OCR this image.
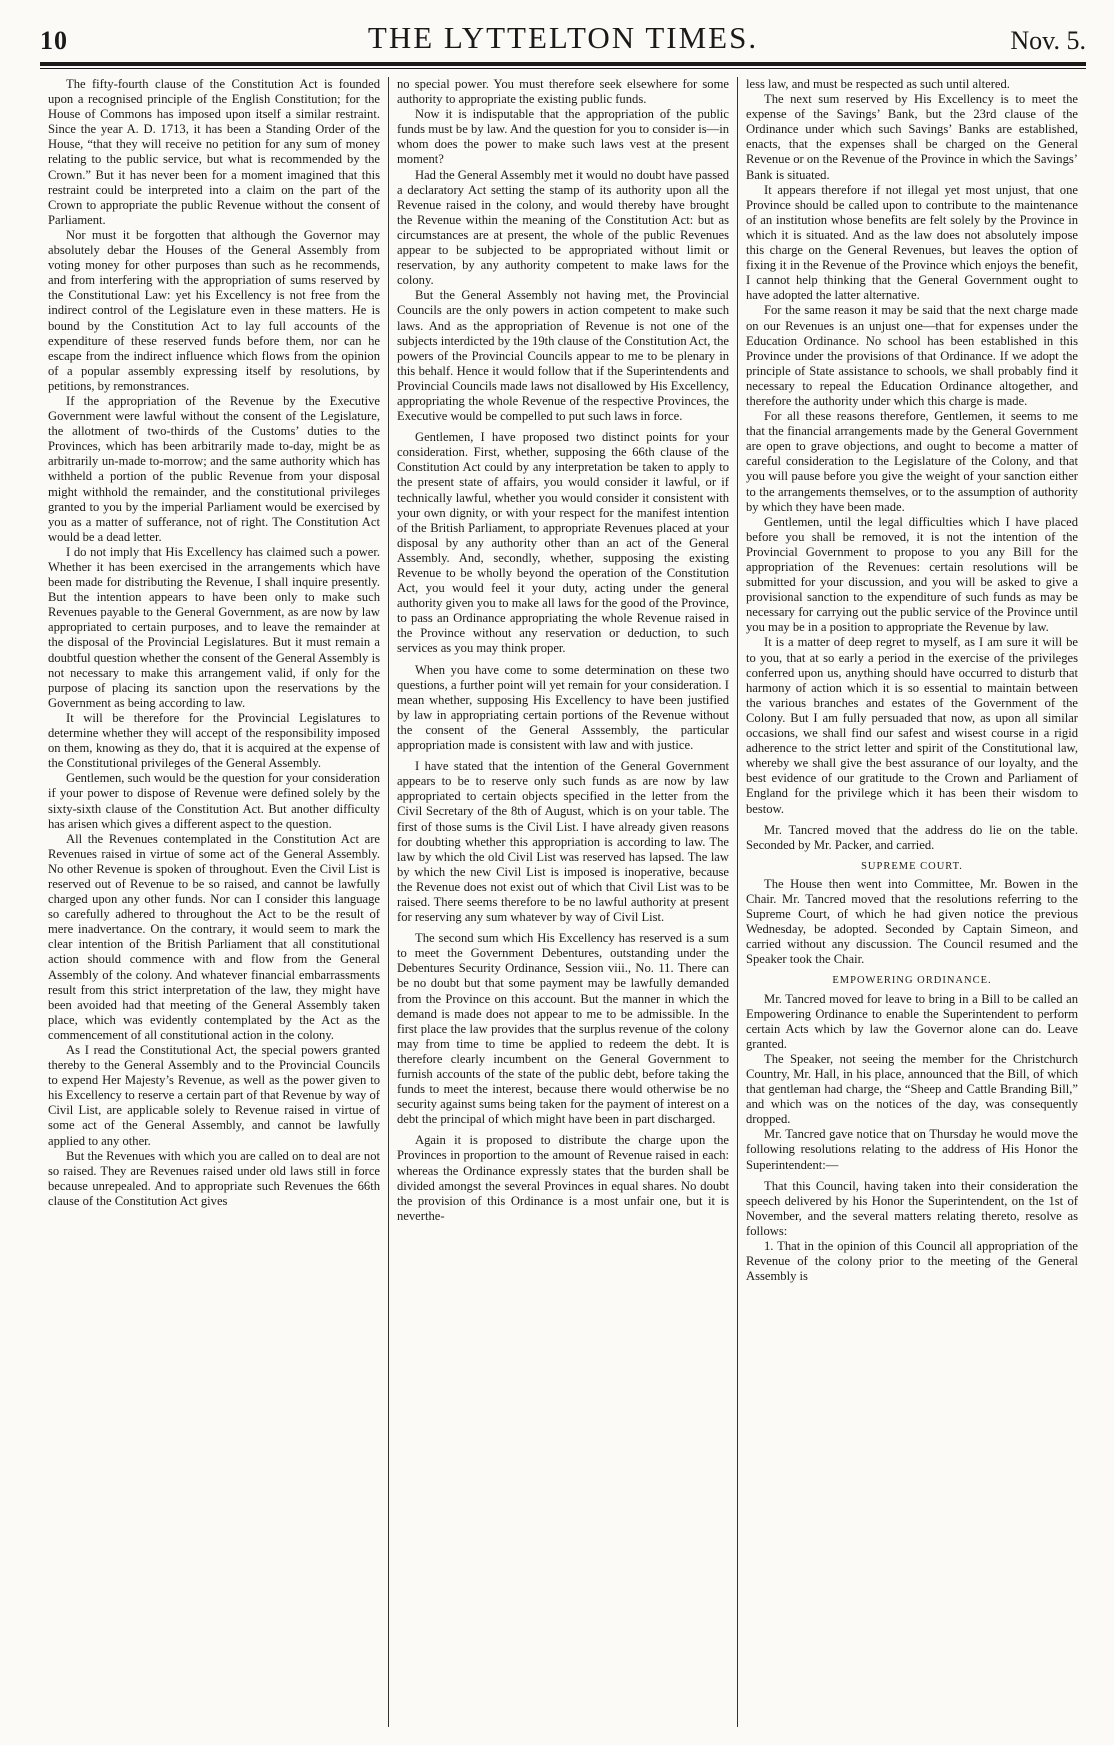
10	THE LYTTELTON TIMES.	Nov. 5.

The fifty-fourth clause of the Constitution Act is founded upon a recognised principle of the English Constitution; for the House of Commons has imposed upon itself a similar restraint. Since the year A. D. 1713, it has been a Standing Order of the House, “that they will receive no petition for any sum of money relating to the public service, but what is recommended by the Crown.” But it has never been for a moment imagined that this restraint could be interpreted into a claim on the part of the Crown to appropriate the public Revenue without the consent of Parliament.

Nor must it be forgotten that although the Governor may absolutely debar the Houses of the General Assembly from voting money for other purposes than such as he recommends, and from interfering with the appropriation of sums reserved by the Constitutional Law: yet his Excellency is not free from the indirect control of the Legislature even in these matters. He is bound by the Constitution Act to lay full accounts of the expenditure of these reserved funds before them, nor can he escape from the indirect influence which flows from the opinion of a popular assembly expressing itself by resolutions, by petitions, by remonstrances.

If the appropriation of the Revenue by the Executive Government were lawful without the consent of the Legislature, the allotment of two-thirds of the Customs’ duties to the Provinces, which has been arbitrarily made to-day, might be as arbitrarily un-made to-morrow; and the same authority which has withheld a portion of the public Revenue from your disposal might withhold the remainder, and the constitutional privileges granted to you by the imperial Parliament would be exercised by you as a matter of sufferance, not of right. The Constitution Act would be a dead letter.

I do not imply that His Excellency has claimed such a power. Whether it has been exercised in the arrangements which have been made for distributing the Revenue, I shall inquire presently. But the intention appears to have been only to make such Revenues payable to the General Government, as are now by law appropriated to certain purposes, and to leave the remainder at the disposal of the Provincial Legislatures. But it must remain a doubtful question whether the consent of the General Assembly is not necessary to make this arrangement valid, if only for the purpose of placing its sanction upon the reservations by the Government as being according to law.

It will be therefore for the Provincial Legislatures to determine whether they will accept of the responsibility imposed on them, knowing as they do, that it is acquired at the expense of the Constitutional privileges of the General Assembly.

Gentlemen, such would be the question for your consideration if your power to dispose of Revenue were defined solely by the sixty-sixth clause of the Constitution Act. But another difficulty has arisen which gives a different aspect to the question.

All the Revenues contemplated in the Constitution Act are Revenues raised in virtue of some act of the General Assembly. No other Revenue is spoken of throughout. Even the Civil List is reserved out of Revenue to be so raised, and cannot be lawfully charged upon any other funds. Nor can I consider this language so carefully adhered to throughout the Act to be the result of mere inadvertance. On the contrary, it would seem to mark the clear intention of the British Parliament that all constitutional action should commence with and flow from the General Assembly of the colony. And whatever financial embarrassments result from this strict interpretation of the law, they might have been avoided had that meeting of the General Assembly taken place, which was evidently contemplated by the Act as the commencement of all constitutional action in the colony.

As I read the Constitutional Act, the special powers granted thereby to the General Assembly and to the Provincial Councils to expend Her Majesty’s Revenue, as well as the power given to his Excellency to reserve a certain part of that Revenue by way of Civil List, are applicable solely to Revenue raised in virtue of some act of the General Assembly, and cannot be lawfully applied to any other.

But the Revenues with which you are called on to deal are not so raised. They are Revenues raised under old laws still in force because unrepealed. And to appropriate such Revenues the 66th clause of the Constitution Act gives

no special power. You must therefore seek elsewhere for some authority to appropriate the existing public funds.

Now it is indisputable that the appropriation of the public funds must be by law. And the question for you to consider is—in whom does the power to make such laws vest at the present moment?

Had the General Assembly met it would no doubt have passed a declaratory Act setting the stamp of its authority upon all the Revenue raised in the colony, and would thereby have brought the Revenue within the meaning of the Constitution Act: but as circumstances are at present, the whole of the public Revenues appear to be subjected to be appropriated without limit or reservation, by any authority competent to make laws for the colony.

But the General Assembly not having met, the Provincial Councils are the only powers in action competent to make such laws. And as the appropriation of Revenue is not one of the subjects interdicted by the 19th clause of the Constitution Act, the powers of the Provincial Councils appear to me to be plenary in this behalf. Hence it would follow that if the Superintendents and Provincial Councils made laws not disallowed by His Excellency, appropriating the whole Revenue of the respective Provinces, the Executive would be compelled to put such laws in force.

Gentlemen, I have proposed two distinct points for your consideration. First, whether, supposing the 66th clause of the Constitution Act could by any interpretation be taken to apply to the present state of affairs, you would consider it lawful, or if technically lawful, whether you would consider it consistent with your own dignity, or with your respect for the manifest intention of the British Parliament, to appropriate Revenues placed at your disposal by any authority other than an act of the General Assembly. And, secondly, whether, supposing the existing Revenue to be wholly beyond the operation of the Constitution Act, you would feel it your duty, acting under the general authority given you to make all laws for the good of the Province, to pass an Ordinance appropriating the whole Revenue raised in the Province without any reservation or deduction, to such services as you may think proper.

When you have come to some determination on these two questions, a further point will yet remain for your consideration. I mean whether, supposing His Excellency to have been justified by law in appropriating certain portions of the Revenue without the consent of the General Asssembly, the particular appropriation made is consistent with law and with justice.

I have stated that the intention of the General Government appears to be to reserve only such funds as are now by law appropriated to certain objects specified in the letter from the Civil Secretary of the 8th of August, which is on your table. The first of those sums is the Civil List. I have already given reasons for doubting whether this appropriation is according to law. The law by which the old Civil List was reserved has lapsed. The law by which the new Civil List is imposed is inoperative, because the Revenue does not exist out of which that Civil List was to be raised. There seems therefore to be no lawful authority at present for reserving any sum whatever by way of Civil List.

The second sum which His Excellency has reserved is a sum to meet the Government Debentures, outstanding under the Debentures Security Ordinance, Session viii., No. 11. There can be no doubt but that some payment may be lawfully demanded from the Province on this account. But the manner in which the demand is made does not appear to me to be admissible. In the first place the law provides that the surplus revenue of the colony may from time to time be applied to redeem the debt. It is therefore clearly incumbent on the General Government to furnish accounts of the state of the public debt, before taking the funds to meet the interest, because there would otherwise be no security against sums being taken for the payment of interest on a debt the principal of which might have been in part discharged.

Again it is proposed to distribute the charge upon the Provinces in proportion to the amount of Revenue raised in each: whereas the Ordinance expressly states that the burden shall be divided amongst the several Provinces in equal shares. No doubt the provision of this Ordinance is a most unfair one, but it is neverthe-

less law, and must be respected as such until altered.

The next sum reserved by His Excellency is to meet the expense of the Savings’ Bank, but the 23rd clause of the Ordinance under which such Savings’ Banks are established, enacts, that the expenses shall be charged on the General Revenue or on the Revenue of the Province in which the Savings’ Bank is situated.

It appears therefore if not illegal yet most unjust, that one Province should be called upon to contribute to the maintenance of an institution whose benefits are felt solely by the Province in which it is situated. And as the law does not absolutely impose this charge on the General Revenues, but leaves the option of fixing it in the Revenue of the Province which enjoys the benefit, I cannot help thinking that the General Government ought to have adopted the latter alternative.

For the same reason it may be said that the next charge made on our Revenues is an unjust one—that for expenses under the Education Ordinance. No school has been established in this Province under the provisions of that Ordinance. If we adopt the principle of State assistance to schools, we shall probably find it necessary to repeal the Education Ordinance altogether, and therefore the authority under which this charge is made.

For all these reasons therefore, Gentlemen, it seems to me that the financial arrangements made by the General Government are open to grave objections, and ought to become a matter of careful consideration to the Legislature of the Colony, and that you will pause before you give the weight of your sanction either to the arrangements themselves, or to the assumption of authority by which they have been made.

Gentlemen, until the legal difficulties which I have placed before you shall be removed, it is not the intention of the Provincial Government to propose to you any Bill for the appropriation of the Revenues: certain resolutions will be submitted for your discussion, and you will be asked to give a provisional sanction to the expenditure of such funds as may be necessary for carrying out the public service of the Province until you may be in a position to appropriate the Revenue by law.

It is a matter of deep regret to myself, as I am sure it will be to you, that at so early a period in the exercise of the privileges conferred upon us, anything should have occurred to disturb that harmony of action which it is so essential to maintain between the various branches and estates of the Government of the Colony. But I am fully persuaded that now, as upon all similar occasions, we shall find our safest and wisest course in a rigid adherence to the strict letter and spirit of the Constitutional law, whereby we shall give the best assurance of our loyalty, and the best evidence of our gratitude to the Crown and Parliament of England for the privilege which it has been their wisdom to bestow.

Mr. Tancred moved that the address do lie on the table. Seconded by Mr. Packer, and carried.

SUPREME COURT.

The House then went into Committee, Mr. Bowen in the Chair. Mr. Tancred moved that the resolutions referring to the Supreme Court, of which he had given notice the previous Wednesday, be adopted. Seconded by Captain Simeon, and carried without any discussion. The Council resumed and the Speaker took the Chair.

EMPOWERING ORDINANCE.

Mr. Tancred moved for leave to bring in a Bill to be called an Empowering Ordinance to enable the Superintendent to perform certain Acts which by law the Governor alone can do. Leave granted.

The Speaker, not seeing the member for the Christchurch Country, Mr. Hall, in his place, announced that the Bill, of which that gentleman had charge, the “Sheep and Cattle Branding Bill,” and which was on the notices of the day, was consequently dropped.

Mr. Tancred gave notice that on Thursday he would move the following resolutions relating to the address of His Honor the Superintendent:—

That this Council, having taken into their consideration the speech delivered by his Honor the Superintendent, on the 1st of November, and the several matters relating thereto, resolve as follows:

1. That in the opinion of this Council all appropriation of the Revenue of the colony prior to the meeting of the General Assembly is
